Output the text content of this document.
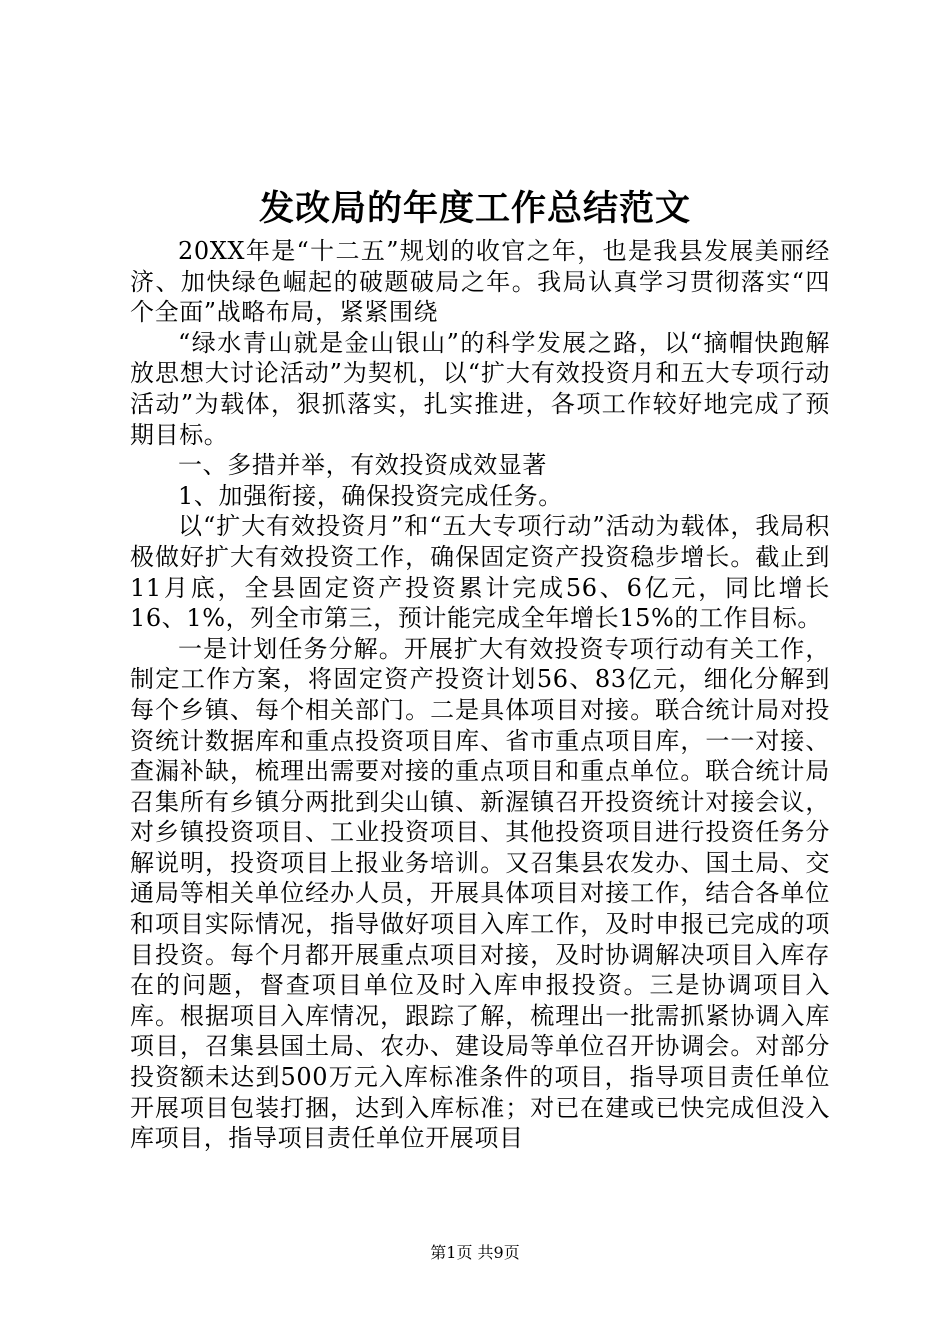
发改局的年度工作总结范文

20XX年是“十二五”规划的收官之年，也是我县发展美丽经济、加快绿色崛起的破题破局之年。我局认真学习贯彻落实“四个全面”战略布局，紧紧围绕

“绿水青山就是金山银山”的科学发展之路，以“摘帽快跑解放思想大讨论活动”为契机，以“扩大有效投资月和五大专项行动活动”为载体，狠抓落实，扎实推进，各项工作较好地完成了预期目标。

一、多措并举，有效投资成效显著

1、加强衔接，确保投资完成任务。

以“扩大有效投资月”和“五大专项行动”活动为载体，我局积极做好扩大有效投资工作，确保固定资产投资稳步增长。截止到11月底，全县固定资产投资累计完成56、6亿元，同比增长16、1%，列全市第三，预计能完成全年增长15%的工作目标。

一是计划任务分解。开展扩大有效投资专项行动有关工作，制定工作方案，将固定资产投资计划56、83亿元，细化分解到每个乡镇、每个相关部门。二是具体项目对接。联合统计局对投资统计数据库和重点投资项目库、省市重点项目库，一一对接、查漏补缺，梳理出需要对接的重点项目和重点单位。联合统计局召集所有乡镇分两批到尖山镇、新渥镇召开投资统计对接会议，对乡镇投资项目、工业投资项目、其他投资项目进行投资任务分解说明，投资项目上报业务培训。又召集县农发办、国土局、交通局等相关单位经办人员，开展具体项目对接工作，结合各单位和项目实际情况，指导做好项目入库工作，及时申报已完成的项目投资。每个月都开展重点项目对接，及时协调解决项目入库存在的问题，督查项目单位及时入库申报投资。三是协调项目入库。根据项目入库情况，跟踪了解，梳理出一批需抓紧协调入库项目，召集县国土局、农办、建设局等单位召开协调会。对部分投资额未达到500万元入库标准条件的项目，指导项目责任单位开展项目包装打捆，达到入库标准；对已在建或已快完成但没入库项目，指导项目责任单位开展项目

第1页 共9页
